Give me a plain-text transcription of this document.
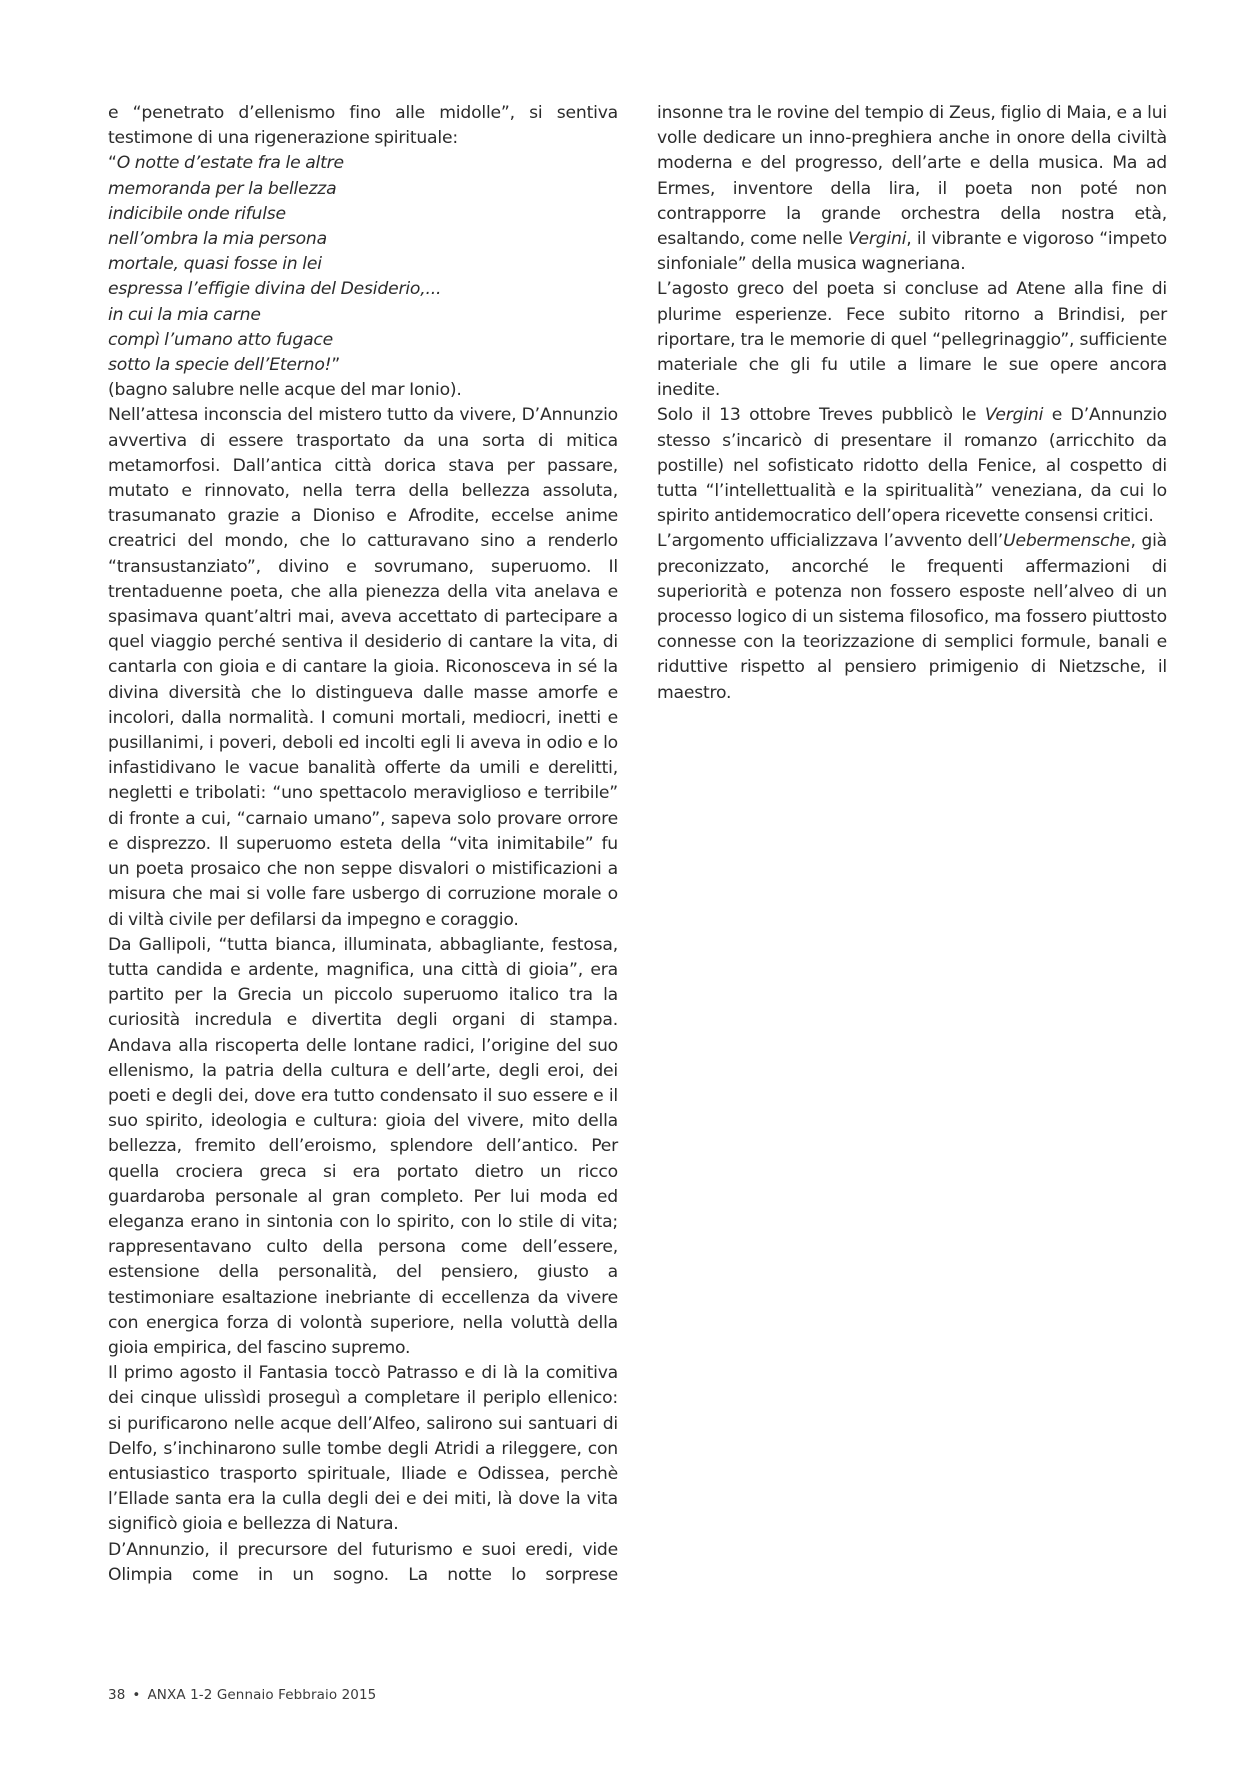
e “penetrato d’ellenismo fino alle midolle”, si sentiva testimone di una rigenerazione spirituale:

“O notte d’estate fra le altre
memoranda per la bellezza
indicibile onde rifulse
nell’ombra la mia persona
mortale, quasi fosse in lei
espressa l’effigie divina del Desiderio,...
in cui la mia carne
compì l’umano atto fugace
sotto la specie dell’Eterno!”

(bagno salubre nelle acque del mar Ionio).

Nell’attesa inconscia del mistero tutto da vivere, D’Annunzio avvertiva di essere trasportato da una sorta di mitica metamorfosi. Dall’antica città dorica stava per passare, mutato e rinnovato, nella terra della bellezza assoluta, trasumanato grazie a Dioniso e Afrodite, eccelse anime creatrici del mondo, che lo catturavano sino a renderlo “transustanziato”, divino e sovrumano, superuomo. Il trentaduenne poeta, che alla pienezza della vita anelava e spasimava quant’altri mai, aveva accettato di partecipare a quel viaggio perché sentiva il desiderio di cantare la vita, di cantarla con gioia e di cantare la gioia. Riconosceva in sé la divina diversità che lo distingueva dalle masse amorfe e incolori, dalla normalità. I comuni mortali, mediocri, inetti e pusillanimi, i poveri, deboli ed incolti egli li aveva in odio e lo infastidivano le vacue banalità offerte da umili e derelitti, negletti e tribolati: “uno spettacolo meraviglioso e terribile” di fronte a cui, “carnaio umano”, sapeva solo provare orrore e disprezzo. Il superuomo esteta della “vita inimitabile” fu un poeta prosaico che non seppe disvalori o mistificazioni a misura che mai si volle fare usbergo di corruzione morale o di viltà civile per defilarsi da impegno e coraggio.

Da Gallipoli, “tutta bianca, illuminata, abbagliante, festosa, tutta candida e ardente, magnifica, una città di gioia”, era partito per la Grecia un piccolo superuomo italico tra la curiosità incredula e divertita degli organi di stampa. Andava alla riscoperta delle lontane radici, l’origine del suo ellenismo, la patria della cultura e dell’arte, degli eroi, dei poeti e degli dei, dove era tutto condensato il suo essere e il suo spirito, ideologia e cultura: gioia del vivere, mito della bellezza, fremito dell’eroismo, splendore dell’antico. Per quella crociera greca si era portato dietro un ricco guardaroba personale al gran completo. Per lui moda ed eleganza erano in sintonia con lo spirito, con lo stile di vita; rappresentavano culto della persona come dell’essere, estensione della personalità, del pensiero, giusto a testimoniare esaltazione inebriante di eccellenza da vivere con energica forza di volontà superiore, nella voluttà della gioia empirica, del fascino supremo.

Il primo agosto il Fantasia toccò Patrasso e di là la comitiva dei cinque ulissìdi proseguì a completare il periplo ellenico: si purificarono nelle acque dell’Alfeo, salirono sui santuari di Delfo, s’inchinarono sulle tombe degli Atridi a rileggere, con entusiastico trasporto spirituale, Iliade e Odissea, perchè l’Ellade santa era la culla degli dei e dei miti, là dove la vita significò gioia e bellezza di Natura.

D’Annunzio, il precursore del futurismo e suoi eredi, vide Olimpia come in un sogno. La notte lo sorprese

insonne tra le rovine del tempio di Zeus, figlio di Maia, e a lui volle dedicare un inno-preghiera anche in onore della civiltà moderna e del progresso, dell’arte e della musica. Ma ad Ermes, inventore della lira, il poeta non poté non contrapporre la grande orchestra della nostra età, esaltando, come nelle Vergini, il vibrante e vigoroso “impeto sinfoniale” della musica wagneriana.

L’agosto greco del poeta si concluse ad Atene alla fine di plurime esperienze. Fece subito ritorno a Brindisi, per riportare, tra le memorie di quel “pellegrinaggio”, sufficiente materiale che gli fu utile a limare le sue opere ancora inedite.

Solo il 13 ottobre Treves pubblicò le Vergini e D’Annunzio stesso s’incaricò di presentare il romanzo (arricchito da postille) nel sofisticato ridotto della Fenice, al cospetto di tutta “l’intellettualità e la spiritualità” veneziana, da cui lo spirito antidemocratico dell’opera ricevette consensi critici.

L’argomento ufficializzava l’avvento dell’Uebermensche, già preconizzato, ancorché le frequenti affermazioni di superiorità e potenza non fossero esposte nell’alveo di un processo logico di un sistema filosofico, ma fossero piuttosto connesse con la teorizzazione di semplici formule, banali e riduttive rispetto al pensiero primigenio di Nietzsche, il maestro.

38 • ANXA 1-2 Gennaio Febbraio 2015
